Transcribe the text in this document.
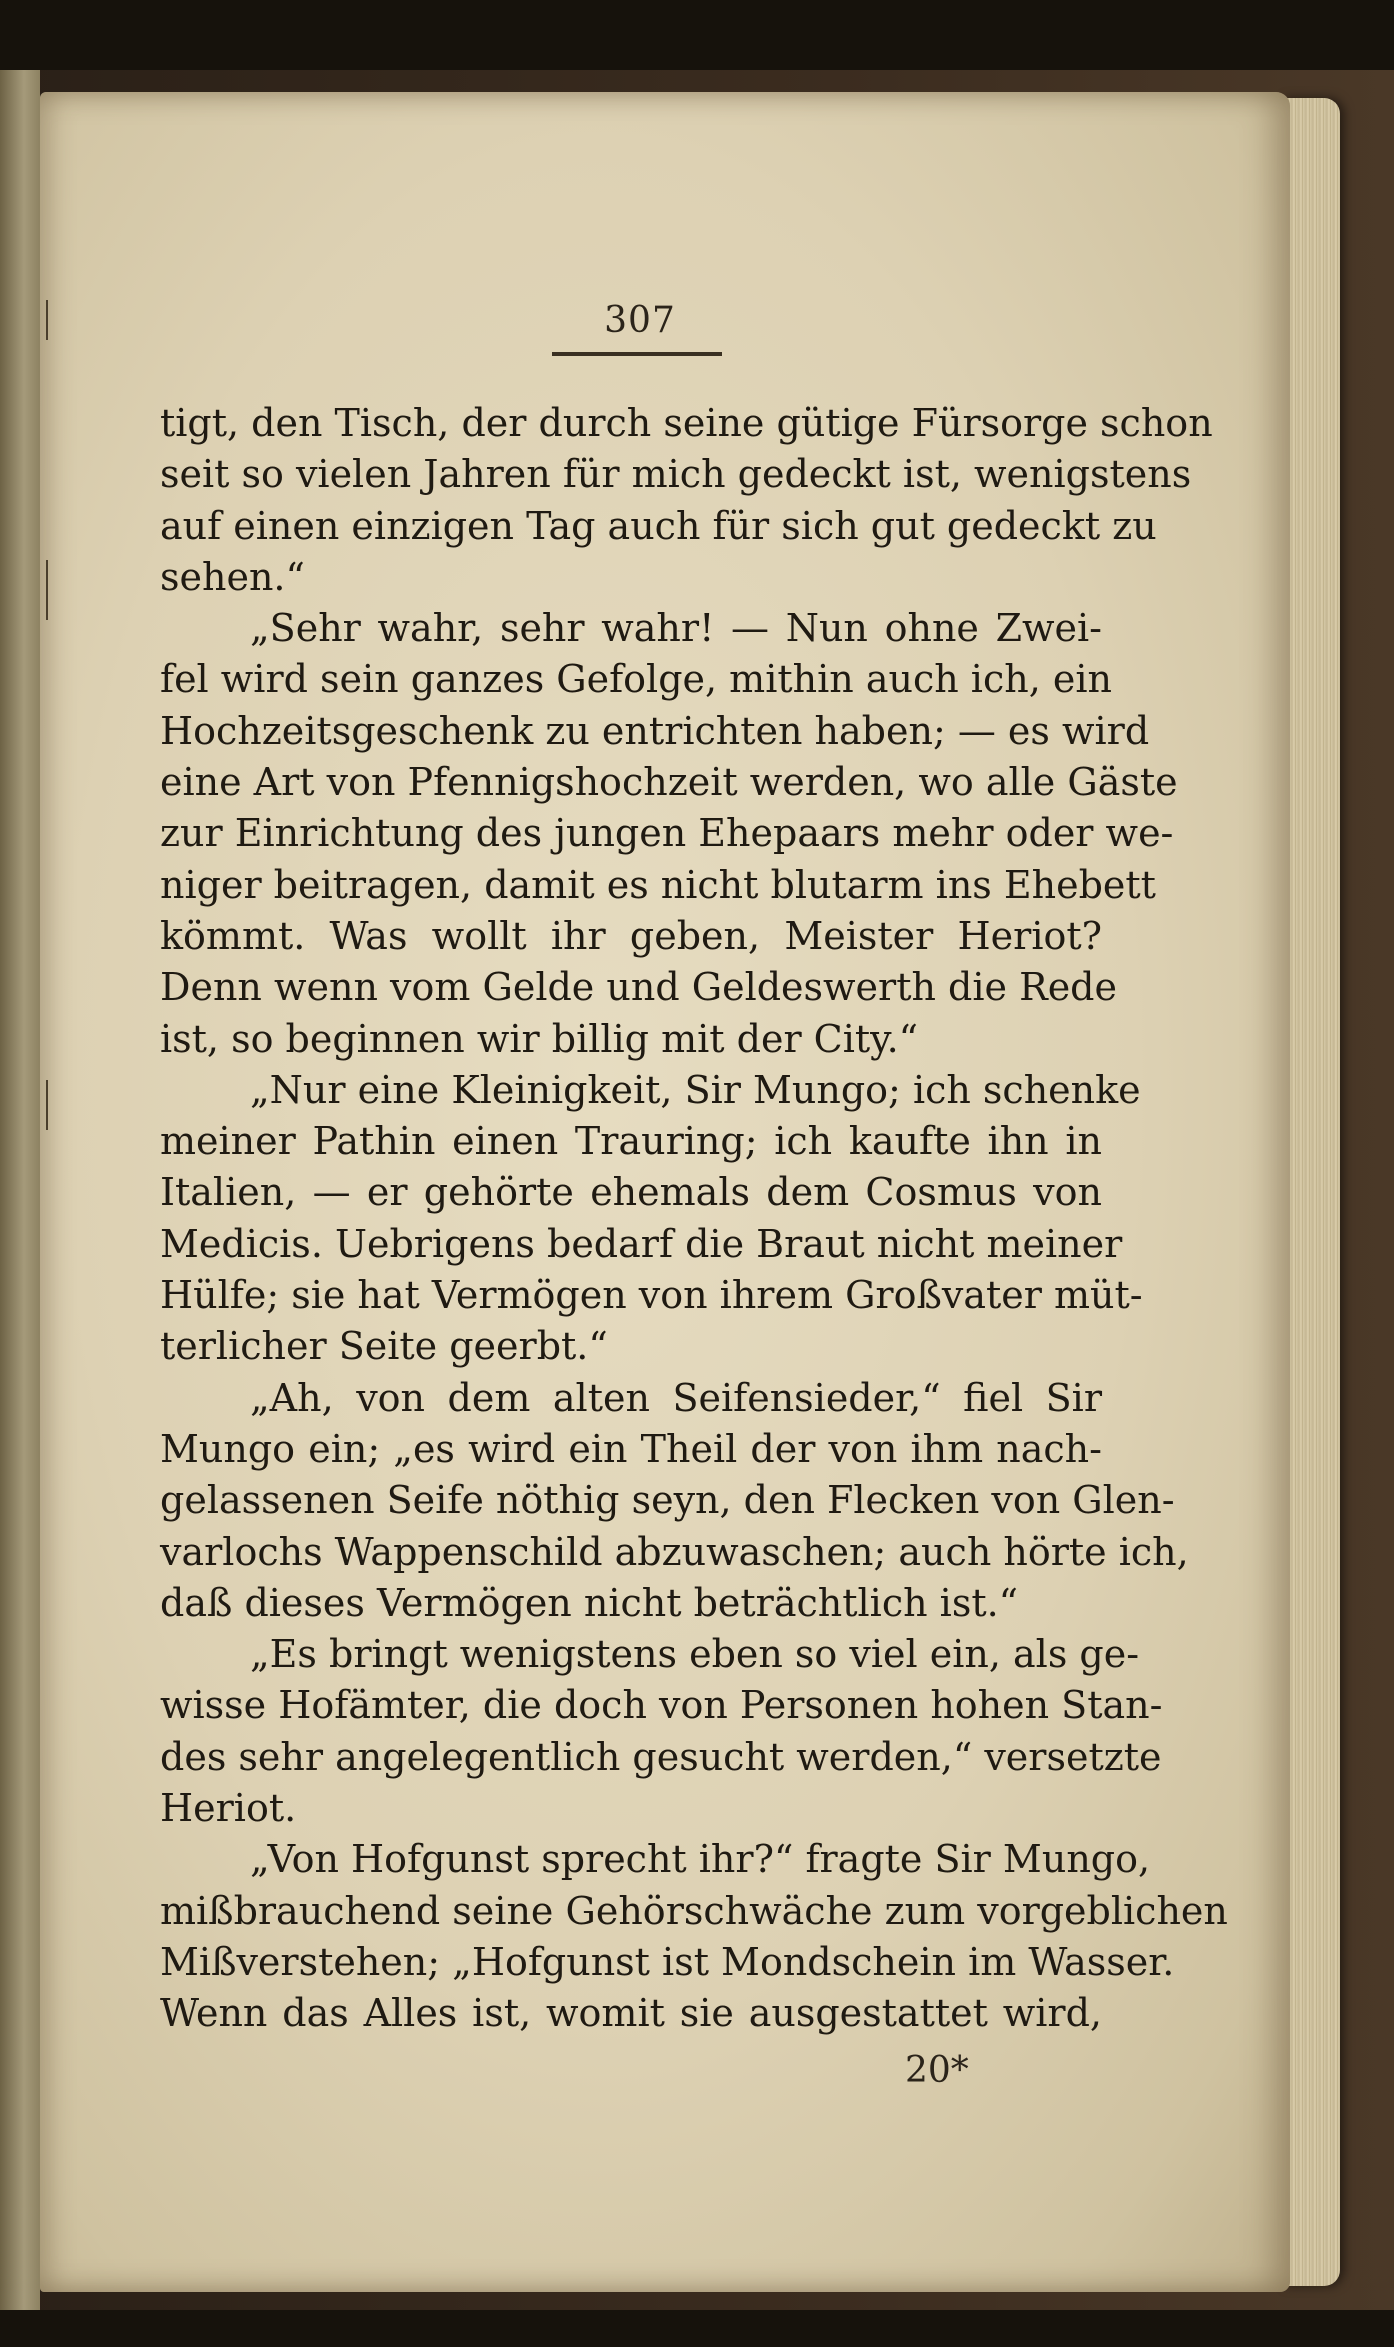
307
tigt, den Tisch, der durch seine gütige Fürsorge schon
seit so vielen Jahren für mich gedeckt ist, wenigstens
auf einen einzigen Tag auch für sich gut gedeckt zu
sehen.“
„Sehr wahr, sehr wahr! — Nun ohne Zwei-
fel wird sein ganzes Gefolge, mithin auch ich, ein
Hochzeitsgeschenk zu entrichten haben; — es wird
eine Art von Pfennigshochzeit werden, wo alle Gäste
zur Einrichtung des jungen Ehepaars mehr oder we-
niger beitragen, damit es nicht blutarm ins Ehebett
kömmt. Was wollt ihr geben, Meister Heriot?
Denn wenn vom Gelde und Geldeswerth die Rede
ist, so beginnen wir billig mit der City.“
„Nur eine Kleinigkeit, Sir Mungo; ich schenke
meiner Pathin einen Trauring; ich kaufte ihn in
Italien, — er gehörte ehemals dem Cosmus von
Medicis. Uebrigens bedarf die Braut nicht meiner
Hülfe; sie hat Vermögen von ihrem Großvater müt-
terlicher Seite geerbt.“
„Ah, von dem alten Seifensieder,“ fiel Sir
Mungo ein; „es wird ein Theil der von ihm nach-
gelassenen Seife nöthig seyn, den Flecken von Glen-
varlochs Wappenschild abzuwaschen; auch hörte ich,
daß dieses Vermögen nicht beträchtlich ist.“
„Es bringt wenigstens eben so viel ein, als ge-
wisse Hofämter, die doch von Personen hohen Stan-
des sehr angelegentlich gesucht werden,“ versetzte
Heriot.
„Von Hofgunst sprecht ihr?“ fragte Sir Mungo,
mißbrauchend seine Gehörschwäche zum vorgeblichen
Mißverstehen; „Hofgunst ist Mondschein im Wasser.
Wenn das Alles ist, womit sie ausgestattet wird,
20*
